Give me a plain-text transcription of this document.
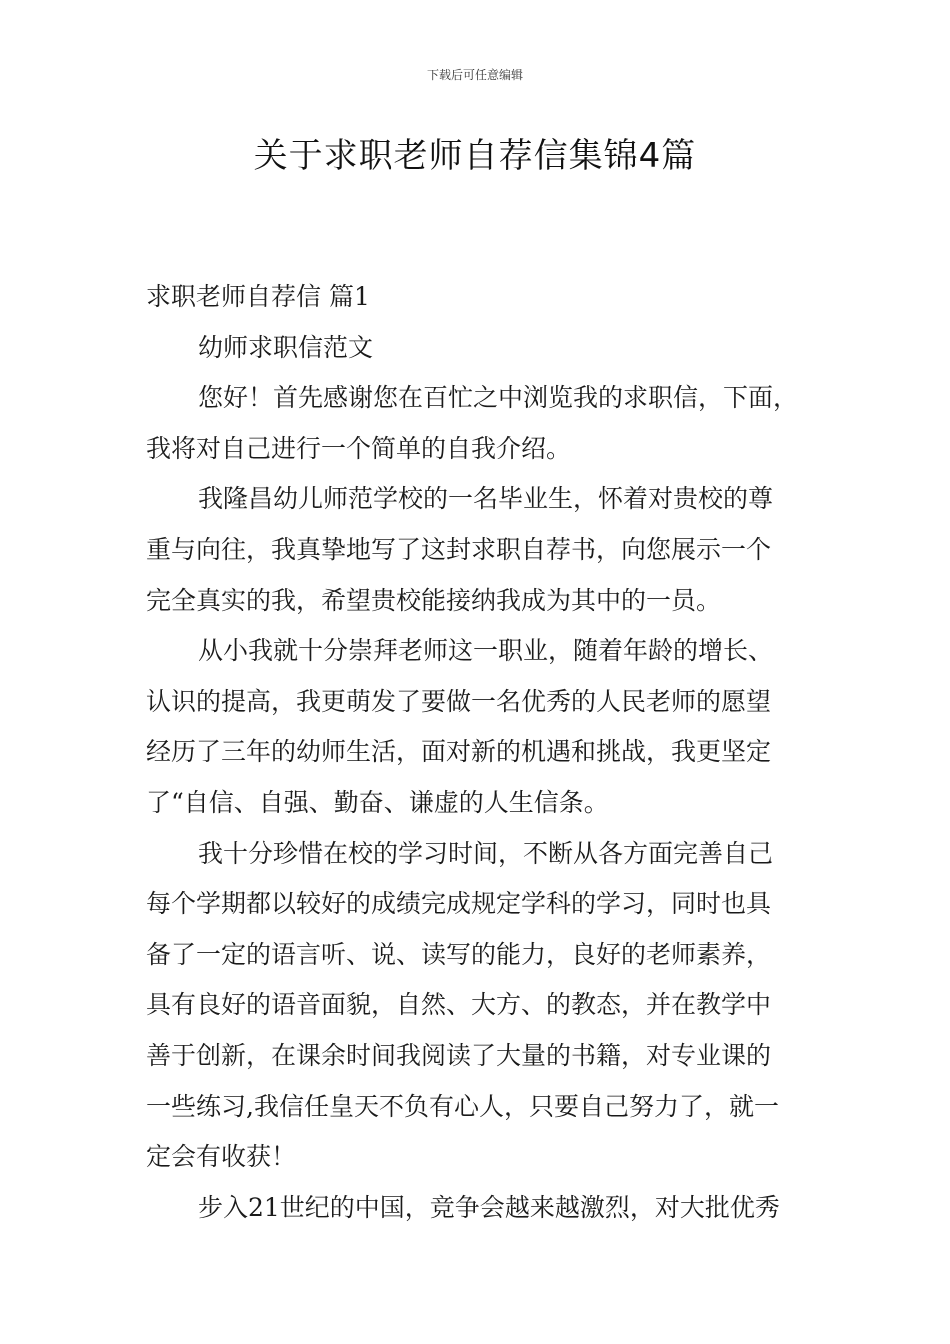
下载后可任意编辑
关于求职老师自荐信集锦4篇
求职老师自荐信 篇1
幼师求职信范文
您好！首先感谢您在百忙之中浏览我的求职信，下面，
我将对自己进行一个简单的自我介绍。
我隆昌幼儿师范学校的一名毕业生，怀着对贵校的尊
重与向往，我真挚地写了这封求职自荐书，向您展示一个
完全真实的我，希望贵校能接纳我成为其中的一员。
从小我就十分崇拜老师这一职业，随着年龄的增长、
认识的提高，我更萌发了要做一名优秀的人民老师的愿望
经历了三年的幼师生活，面对新的机遇和挑战，我更坚定
了“自信、自强、勤奋、谦虚的人生信条。
我十分珍惜在校的学习时间，不断从各方面完善自己
每个学期都以较好的成绩完成规定学科的学习，同时也具
备了一定的语言听、说、读写的能力，良好的老师素养，
具有良好的语音面貌，自然、大方、的教态，并在教学中
善于创新，在课余时间我阅读了大量的书籍，对专业课的
一些练习,我信任皇天不负有心人，只要自己努力了，就一
定会有收获！
步入21世纪的中国，竞争会越来越激烈，对大批优秀
